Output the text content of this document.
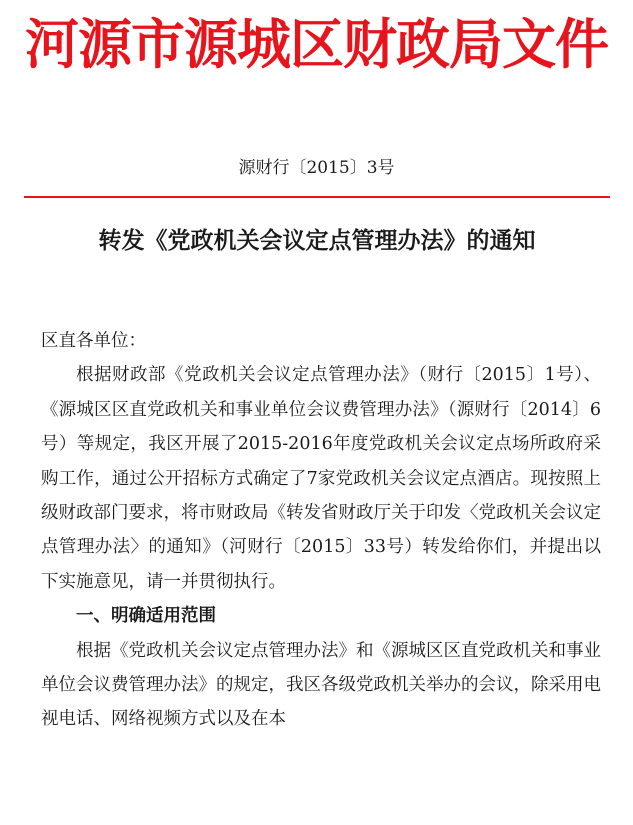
河源市源城区财政局文件
源财行〔2015〕3号
转发《党政机关会议定点管理办法》的通知

区直各单位：

根据财政部《党政机关会议定点管理办法》（财行〔2015〕1号）、《源城区区直党政机关和事业单位会议费管理办法》（源财行〔2014〕6号）等规定，我区开展了2015-2016年度党政机关会议定点场所政府采购工作，通过公开招标方式确定了7家党政机关会议定点酒店。现按照上级财政部门要求，将市财政局《转发省财政厅关于印发〈党政机关会议定点管理办法〉的通知》（河财行〔2015〕33号）转发给你们，并提出以下实施意见，请一并贯彻执行。

一、明确适用范围

根据《党政机关会议定点管理办法》和《源城区区直党政机关和事业单位会议费管理办法》的规定，我区各级党政机关举办的会议，除采用电视电话、网络视频方式以及在本
